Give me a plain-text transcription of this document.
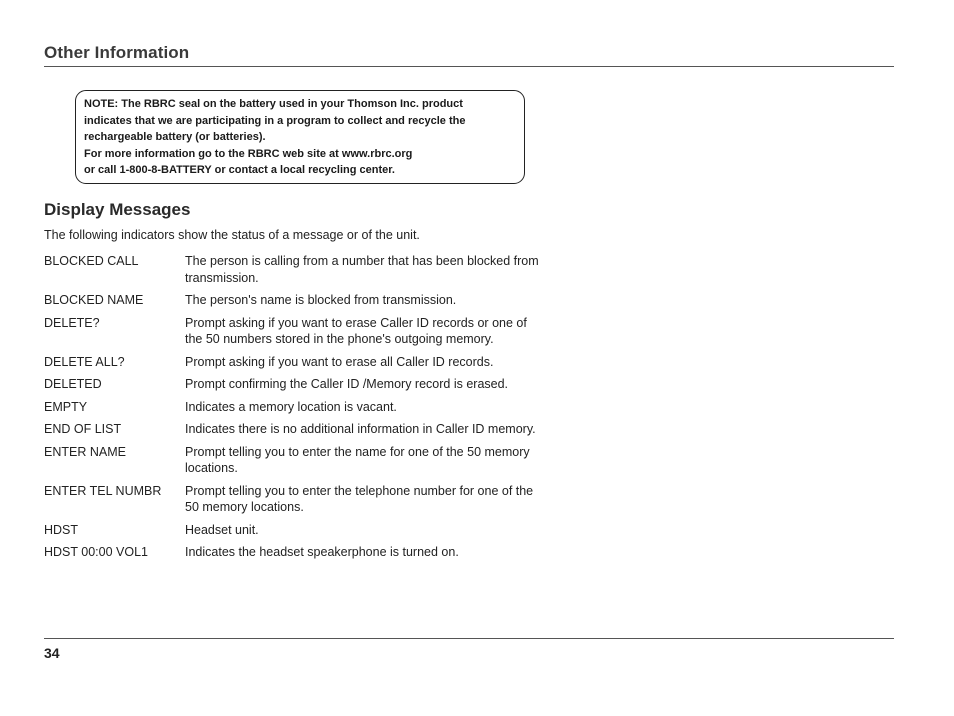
Other Information
NOTE: The RBRC seal on the battery used in your Thomson Inc. product
indicates that we are participating in a program to collect and recycle the
rechargeable battery (or batteries).
For more information go to the RBRC web site at www.rbrc.org
or call 1-800-8-BATTERY or contact a local recycling center.
Display Messages
The following indicators show the status of a message or of the unit.
BLOCKED CALL	The person is calling from a number that has been blocked from transmission.
BLOCKED NAME	The person's name is blocked from transmission.
DELETE?	Prompt asking if you want to erase Caller ID records or one of the 50 numbers stored in the phone's outgoing memory.
DELETE ALL?	Prompt asking if you want to erase all Caller ID records.
DELETED	Prompt confirming the Caller ID /Memory record is erased.
EMPTY	Indicates a memory location is vacant.
END OF LIST	Indicates there is no additional information in Caller ID memory.
ENTER NAME	Prompt telling you to enter the name for one of the 50 memory locations.
ENTER TEL NUMBR	Prompt telling you to enter the telephone number for one of the 50 memory locations.
HDST	Headset unit.
HDST 00:00 VOL1	Indicates the headset speakerphone is turned on.
34
